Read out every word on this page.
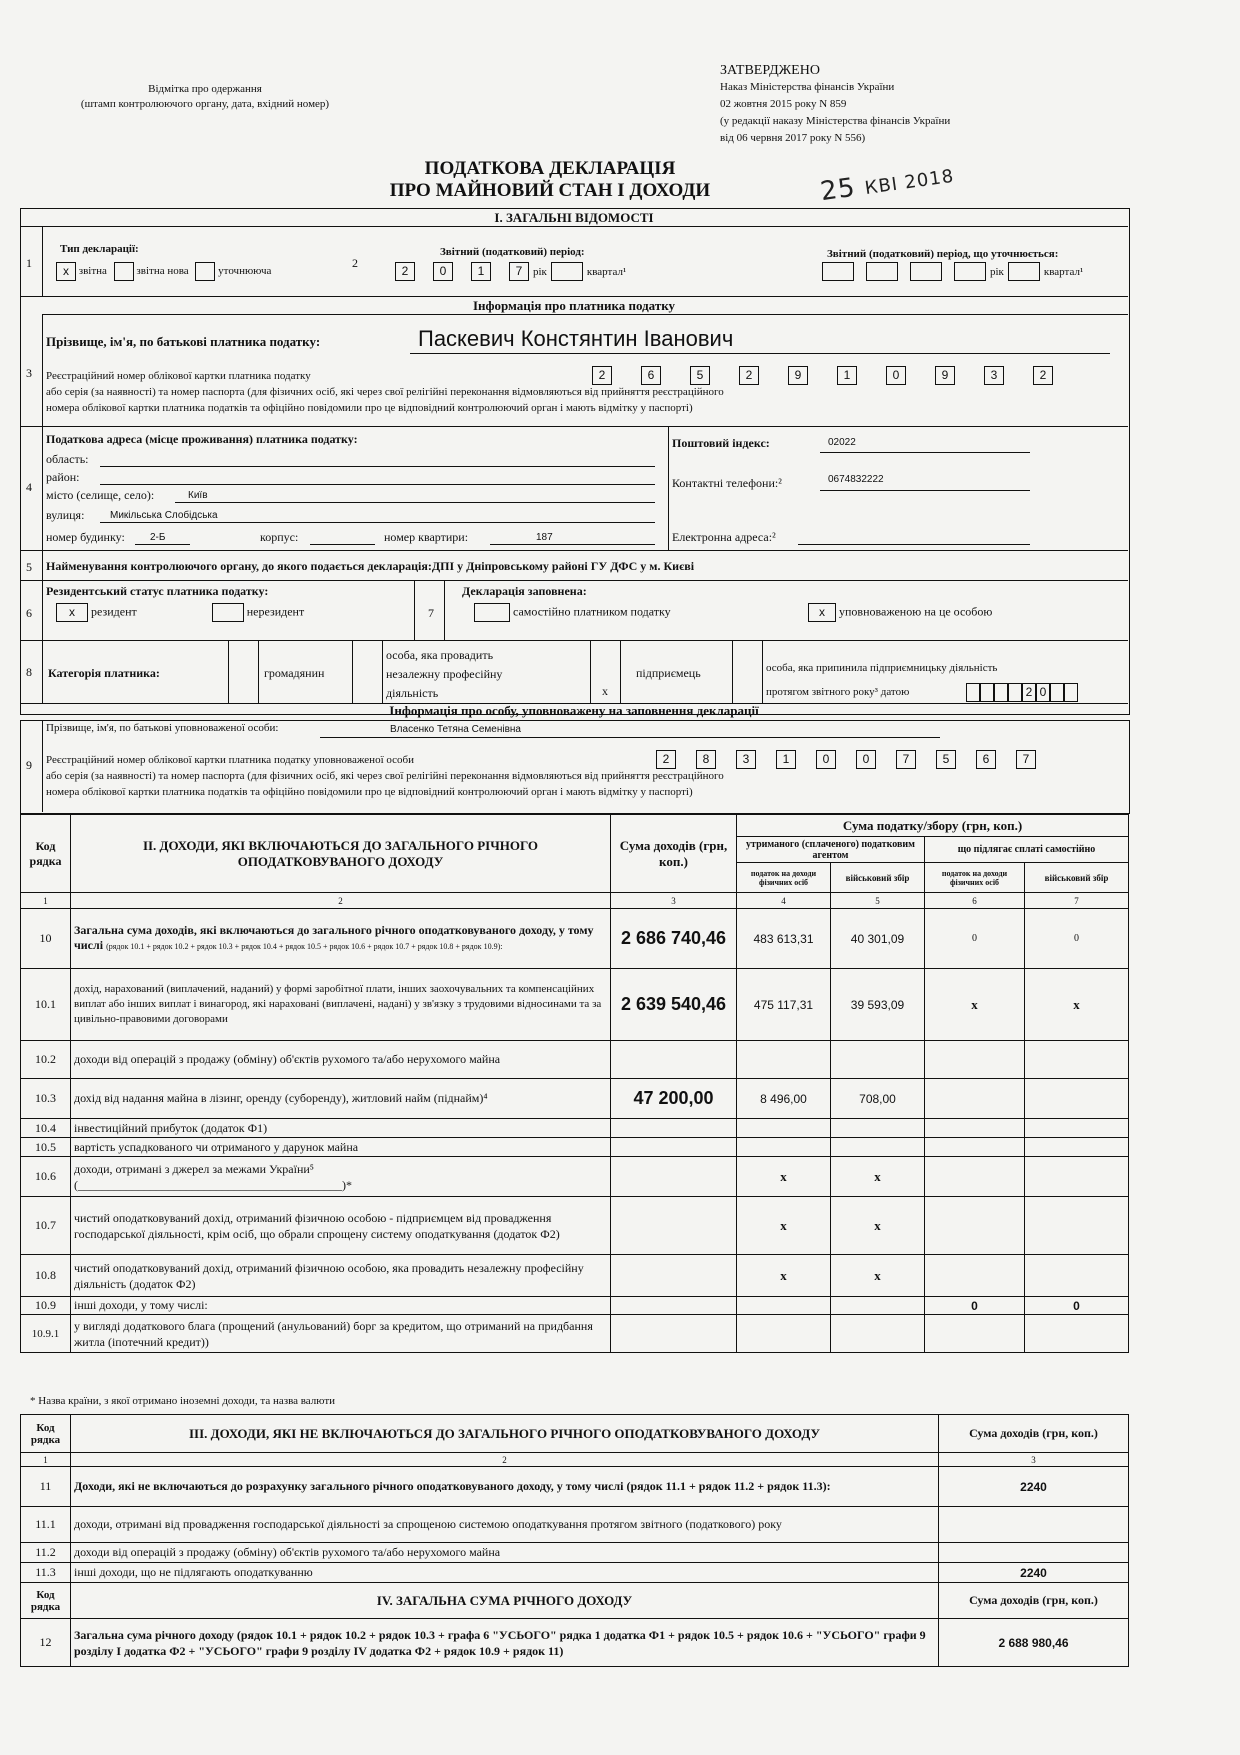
Відмітка про одержання
(штамп контролюючого органу, дата, вхідний номер)
ЗАТВЕРДЖЕНО
Наказ Міністерства фінансів України
02 жовтня 2015 року N 859
(у редакції наказу Міністерства фінансів України
від 06 червня 2017 року N 556)
25 КВІ 2018
ПОДАТКОВА ДЕКЛАРАЦІЯ
ПРО МАЙНОВИЙ СТАН І ДОХОДИ
І. ЗАГАЛЬНІ ВІДОМОСТІ
1
Тип декларації:
х звітна	звітна нова	уточнююча
2
Звітний (податковий) період:
2	0	1	7 рік	квартал¹
Звітний (податковий) період, що уточнюється:
рік	квартал¹
Інформація про платника податку
Прізвище, ім'я, по батькові платника податку:	Паскевич Констянтин Іванович
3 Реєстраційний номер облікової картки платника податку
або серія (за наявності) та номер паспорта (для фізичних осіб, які через свої релігійні переконання відмовляються від прийняття реєстраційного
номера облікової картки платника податків та офіційно повідомили про це відповідний контролюючий орган і мають відмітку у паспорті)
2	6	5	2	9	1	0	9	3	2
4
Податкова адреса (місце проживання) платника податку:
область:
район:
місто (селище, село):	Київ
вулиця:	Микільська Слобідська
номер будинку:	2-Б	корпус:	номер квартири:	187
Поштовий індекс:	02022
Контактні телефони:²	0674832222
Електронна адреса:²
5 Найменування контролюючого органу, до якого подається декларація:ДПІ у Дніпровському районі ГУ ДФС у м. Києві
6
Резидентський статус платника податку:
х резидент	нерезидент	7
Декларація заповнена:
самостійно платником податку	х уповноваженою на це особою
8 Категорія платника:	громадянин
особа, яка провадить незалежну професійну діяльність	х
підприємець	особа, яка припинила підприємницьку діяльність
протягом звітного року³ датою	2 0
Інформація про особу, уповноважену на заповнення декларації
9
Прізвище, ім'я, по батькові уповноваженої особи:	Власенко Тетяна Семенівна
Реєстраційний номер облікової картки платника податку уповноваженої особи
або серія (за наявності) та номер паспорта (для фізичних осіб, які через свої релігійні переконання відмовляються від прийняття реєстраційного
номера облікової картки платника податків та офіційно повідомили про це відповідний контролюючий орган і мають відмітку у паспорті)
2	8	3	1	0	0	7	5	6	7
Код рядка	II. ДОХОДИ, ЯКІ ВКЛЮЧАЮТЬСЯ ДО ЗАГАЛЬНОГО РІЧНОГО ОПОДАТКОВУВАНОГО ДОХОДУ	Сума доходів (грн, коп.)	Сума податку/збору (грн, коп.)			
			утриманого (сплаченого) податковим агентом		що підлягає сплаті самостійно	
			податок на доходи фізичних осіб	військовий збір	податок на доходи фізичних осіб	військовий збір
1	2	3	4	5	6	7
10	Загальна сума доходів, які включаються до загального річного оподатковуваного доходу, у тому числі (рядок 10.1 + рядок 10.2 + рядок 10.3 + рядок 10.4 + рядок 10.5 + рядок 10.6 + рядок 10.7 + рядок 10.8 + рядок 10.9):	2 686 740,46	483 613,31	40 301,09	0	0
10.1	дохід, нарахований (виплачений, наданий) у формі заробітної плати, інших заохочувальних та компенсаційних виплат або інших виплат і винагород, які нараховані (виплачені, надані) у зв'язку з трудовими відносинами та за цивільно-правовими договорами	2 639 540,46	475 117,31	39 593,09	х	х
10.2	доходи від операцій з продажу (обміну) об'єктів рухомого та/або нерухомого майна					
10.3	дохід від надання майна в лізинг, оренду (суборенду), житловий найм (піднайм)⁴	47 200,00	8 496,00	708,00		
10.4	інвестиційний прибуток (додаток Ф1)					
10.5	вартість успадкованого чи отриманого у дарунок майна					
10.6	доходи, отримані з джерел за межами України⁵
(____________________________________________)*		х	х		
10.7	чистий оподатковуваний дохід, отриманий фізичною особою - підприємцем від провадження господарської діяльності, крім осіб, що обрали спрощену систему оподаткування (додаток Ф2)		х	х		
10.8	чистий оподатковуваний дохід, отриманий фізичною особою, яка провадить незалежну професійну діяльність (додаток Ф2)		х	х		
10.9	інші доходи, у тому числі:				0	0
10.9.1	у вигляді додаткового блага (прощений (анульований) борг за кредитом, що отриманий на придбання житла (іпотечний кредит))					
* Назва країни, з якої отримано іноземні доходи, та назва валюти
Код рядка	III. ДОХОДИ, ЯКІ НЕ ВКЛЮЧАЮТЬСЯ ДО ЗАГАЛЬНОГО РІЧНОГО ОПОДАТКОВУВАНОГО ДОХОДУ	Сума доходів (грн, коп.)
1	2	3
11	Доходи, які не включаються до розрахунку загального річного оподатковуваного доходу, у тому числі (рядок 11.1 + рядок 11.2 + рядок 11.3):	2240
11.1	доходи, отримані від провадження господарської діяльності за спрощеною системою оподаткування протягом звітного (податкового) року	
11.2	доходи від операцій з продажу (обміну) об'єктів рухомого та/або нерухомого майна	
11.3	інші доходи, що не підлягають оподаткуванню	2240
Код рядка	IV. ЗАГАЛЬНА СУМА РІЧНОГО ДОХОДУ	Сума доходів (грн, коп.)
12	Загальна сума річного доходу (рядок 10.1 + рядок 10.2 + рядок 10.3 + графа 6 "УСЬОГО" рядка 1 додатка Ф1 + рядок 10.5 + рядок 10.6 + "УСЬОГО" графи 9 розділу I додатка Ф2 + "УСЬОГО" графи 9 розділу IV додатка Ф2 + рядок 10.9 + рядок 11)	2 688 980,46
